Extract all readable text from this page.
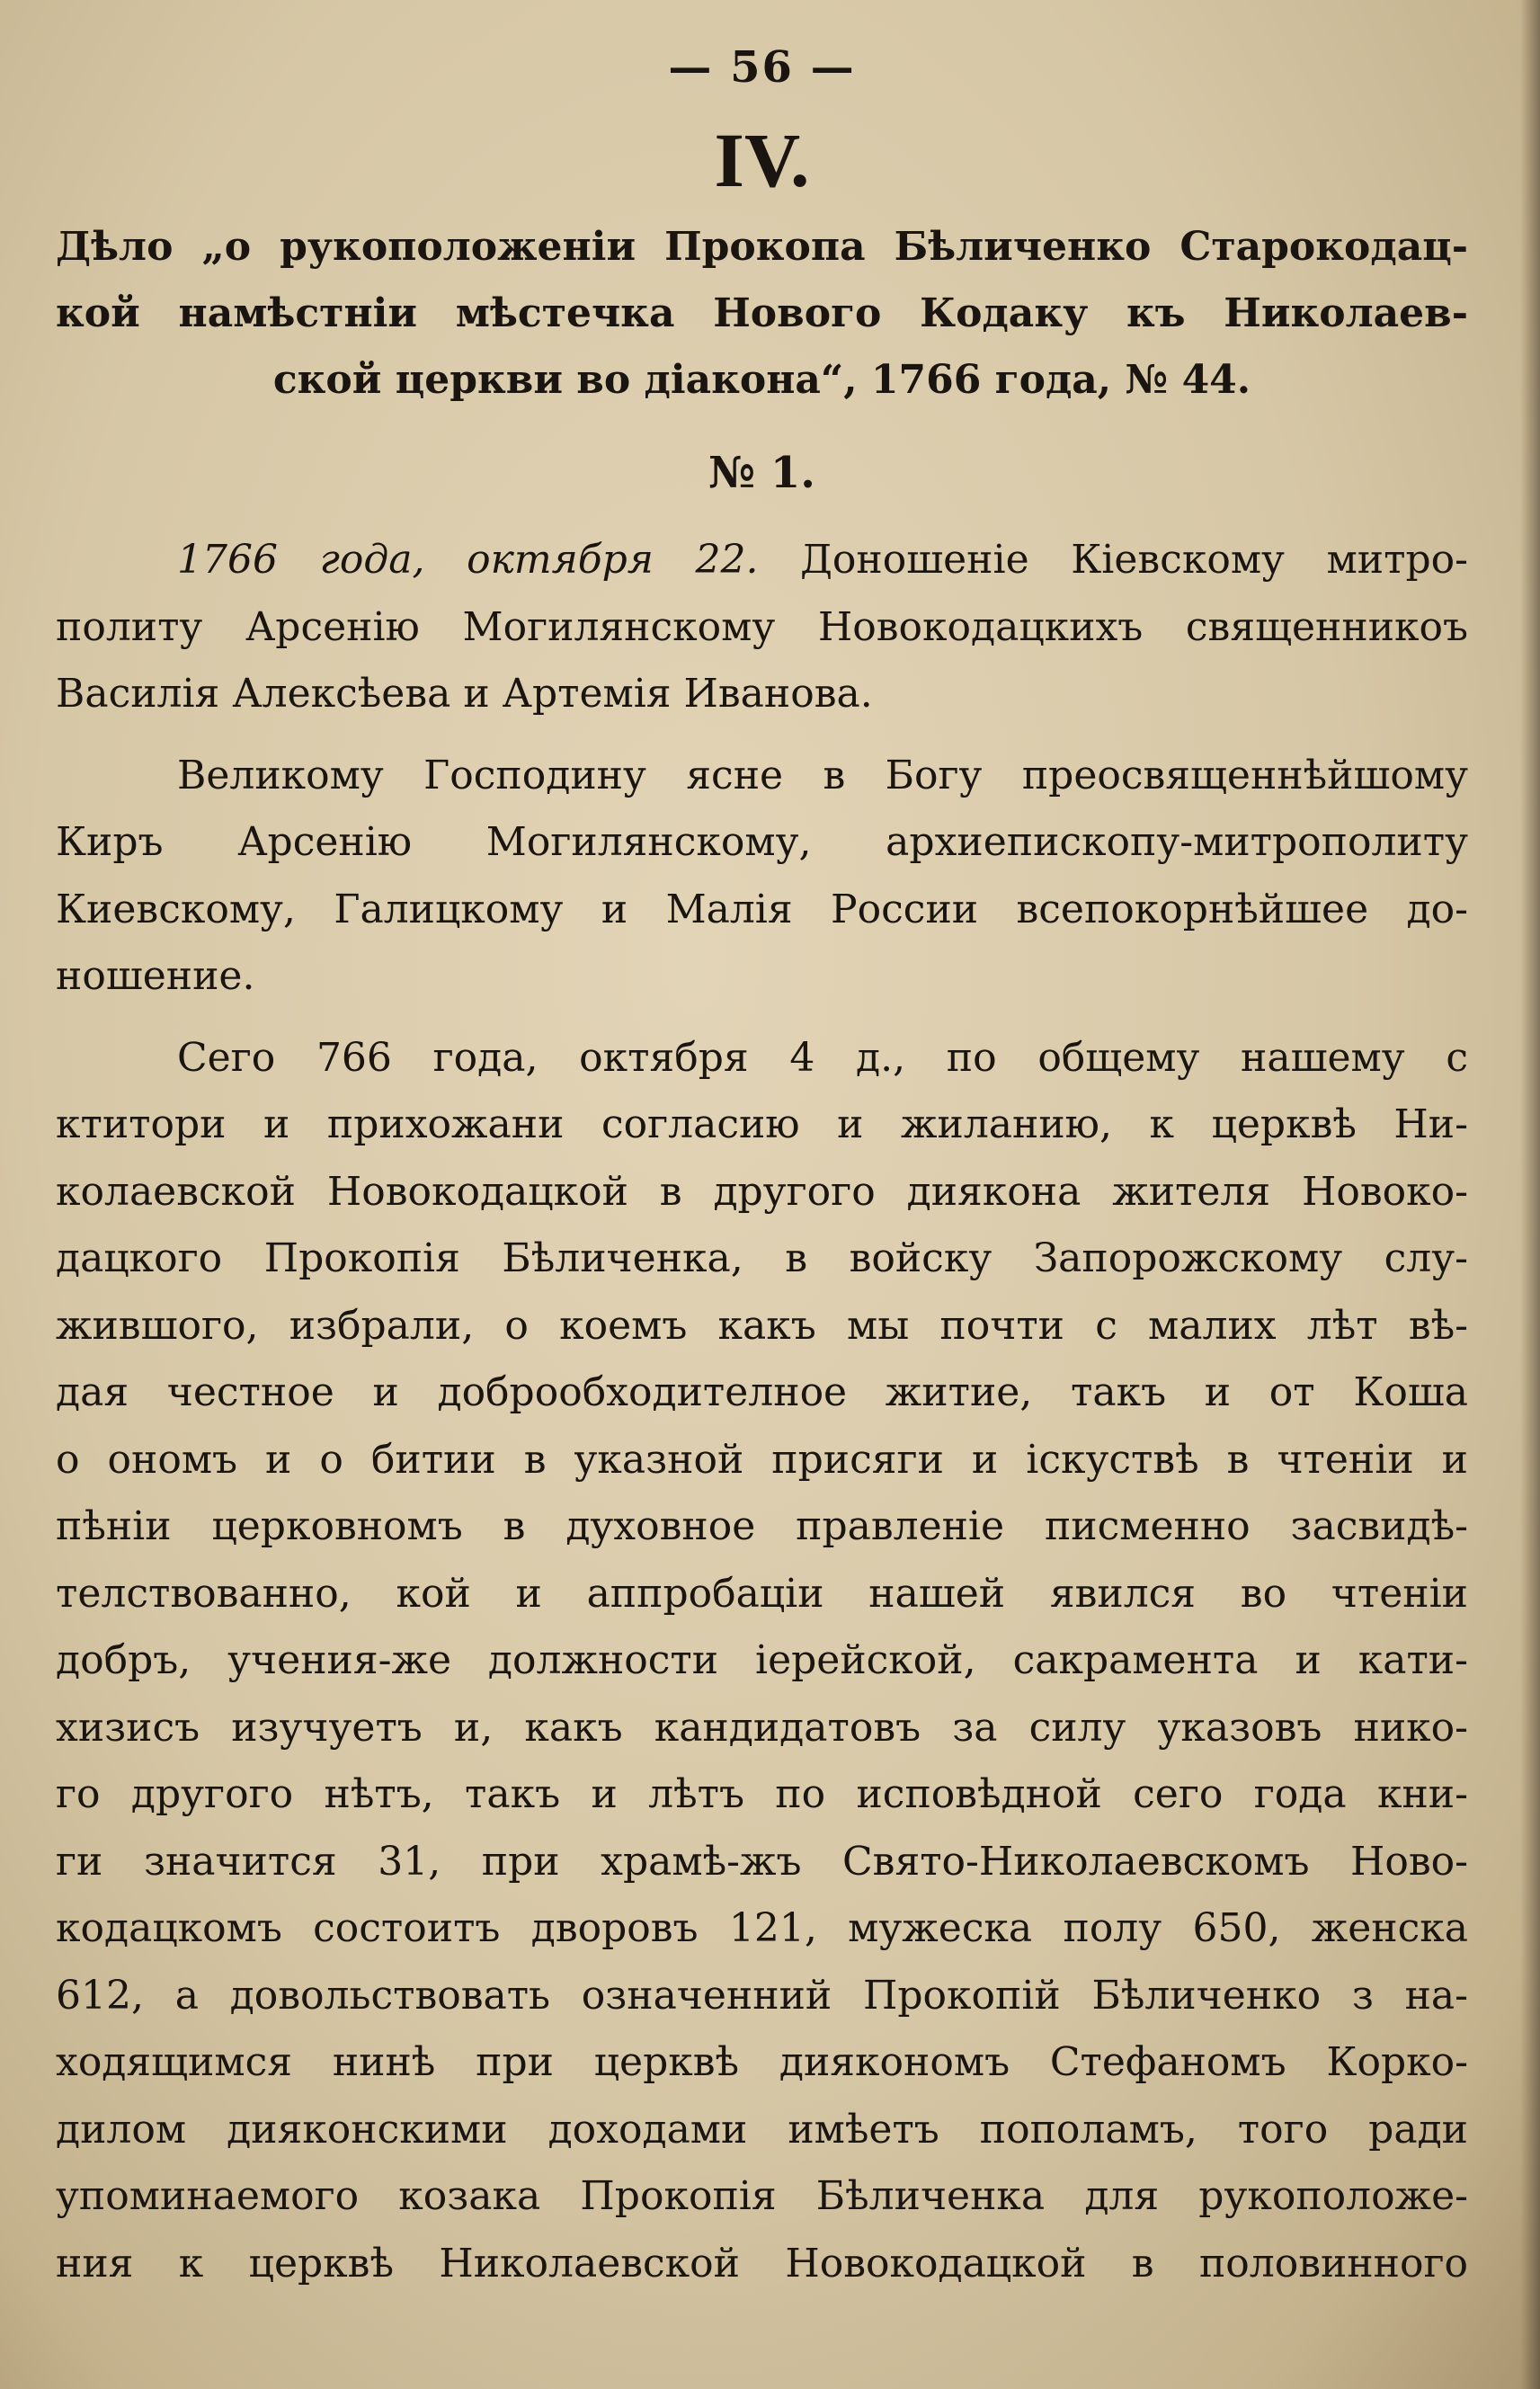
— 56 —
IV.
Дѣло „о рукоположеніи Прокопа Бѣличенко Старокодац-
кой намѣстніи мѣстечка Нового Кодаку къ Николаев-
ской церкви во діакона“, 1766 года, № 44.
№ 1.
1766 года, октября 22. Доношеніе Кіевскому митро-
политу Арсенію Могилянскому Новокодацкихъ священникоъ
Василія Алексѣева и Артемія Иванова.
Великому Господину ясне в Богу преосвященнѣйшому
Киръ Арсенію Могилянскому, архиепископу-митрополиту
Киевскому, Галицкому и Малія России всепокорнѣйшее до-
ношение.
Сего 766 года, октября 4 д., по общему нашему с
ктитори и прихожани согласию и жиланию, к церквѣ Ни-
колаевской Новокодацкой в другого диякона жителя Новоко-
дацкого Прокопія Бѣличенка, в войску Запорожскому слу-
жившого, избрали, о коемъ какъ мы почти с малих лѣт вѣ-
дая честное и доброобходителное житие, такъ и от Коша
о ономъ и о битии в указной присяги и іскуствѣ в чтеніи и
пѣніи церковномъ в духовное правленіе писменно засвидѣ-
телствованно, кой и аппробаціи нашей явился во чтеніи
добръ, учения-же должности іерейской, сакрамента и кати-
хизисъ изучуетъ и, какъ кандидатовъ за силу указовъ нико-
го другого нѣтъ, такъ и лѣтъ по исповѣдной сего года кни-
ги значится 31, при храмѣ-жъ Свято-Николаевскомъ Ново-
кодацкомъ состоитъ дворовъ 121, мужеска полу 650, женска
612, а довольствовать означенний Прокопій Бѣличенко з на-
ходящимся нинѣ при церквѣ диякономъ Стефаномъ Корко-
дилом дияконскими доходами имѣетъ пополамъ, того ради
упоминаемого козака Прокопія Бѣличенка для рукоположе-
ния к церквѣ Николаевской Новокодацкой в половинного
